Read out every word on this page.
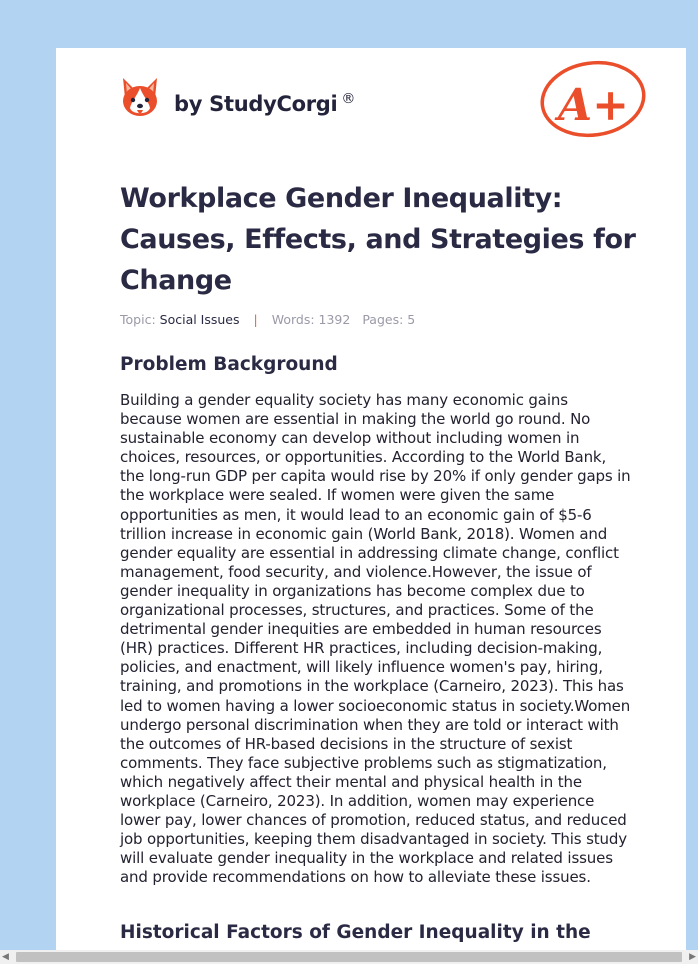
by StudyCorgi ®	A+
Workplace Gender Inequality: Causes, Effects, and Strategies for Change
Topic: Social Issues | Words: 1392 Pages: 5
Problem Background

Building a gender equality society has many economic gains because women are essential in making the world go round. No sustainable economy can develop without including women in choices, resources, or opportunities. According to the World Bank, the long-run GDP per capita would rise by 20% if only gender gaps in the workplace were sealed. If women were given the same opportunities as men, it would lead to an economic gain of $5-6 trillion increase in economic gain (World Bank, 2018). Women and gender equality are essential in addressing climate change, conflict management, food security, and violence.However, the issue of gender inequality in organizations has become complex due to organizational processes, structures, and practices. Some of the detrimental gender inequities are embedded in human resources (HR) practices. Different HR practices, including decision-making, policies, and enactment, will likely influence women's pay, hiring, training, and promotions in the workplace (Carneiro, 2023). This has led to women having a lower socioeconomic status in society.Women undergo personal discrimination when they are told or interact with the outcomes of HR-based decisions in the structure of sexist comments. They face subjective problems such as stigmatization, which negatively affect their mental and physical health in the workplace (Carneiro, 2023). In addition, women may experience lower pay, lower chances of promotion, reduced status, and reduced job opportunities, keeping them disadvantaged in society. This study will evaluate gender inequality in the workplace and related issues and provide recommendations on how to alleviate these issues.

Historical Factors of Gender Inequality in the
◀	▶
